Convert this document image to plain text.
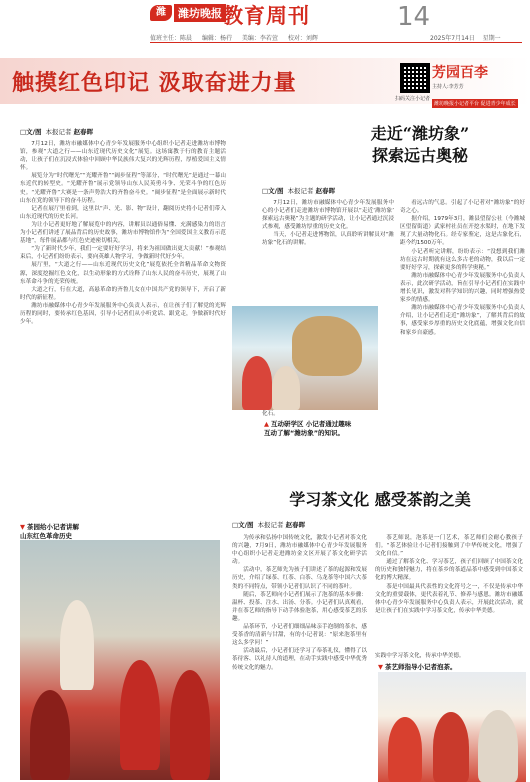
潍	潍坊晚报 教育周刊	14
值班主任：陈晨 编辑：杨荇 美编：李若萱 校对：刘辉	2025年7月14日 星期一
触摸红色印记 汲取奋进力量
扫码关注小记者
芳园百李
主持人:李芳芳
潍坊晚报小记者平台 促进青少年成长
□文/图 本报记者 赵春晖

7月12日，潍坊市融媒体中心青少年发展服务中心组织小记者走进潍坊市博物馆，参观“大道之行——山东近现代历史文化”展览。这场寓教于行的教育主题活动，让孩子们在沉浸式体验中回顾中华民族伟大复兴的光辉历程，厚植爱国主义情怀。

展览分为“时代曙光”“光耀齐鲁”“阔步征程”等部分，“时代曙光”是通过一幕山东近代的转型史。“光耀齐鲁”展示党领导山东人民英勇斗争、光荣斗争的红色历史。“光耀齐鲁”大赛是一条声势浩大的齐鲁奋斗史。“阔步征程”是全面展示新时代山东在党的领导下的奋斗历程。

记者在展厅里看到，这里以“声、光、影、物”设计，翻阅历史将小记者们带入山东近现代的历史长河。

为让小记者更好地了解展览中的内容，讲解员以通俗易懂、充满感染力的语言为小记者们讲述了展品背后的历史故事，潍坊市博物馆作为“全国爱国主义教育示范基地”，每件展品都与红色史迹密切相关。

“为了新时代少年，我们一定要好好学习，将来为祖国做出更大贡献！”参观结束后，小记者们纷纷表示，要向英雄人物学习，争做新时代好少年。

展厅里，“大道之行——山东近现代历史文化”展览依托全省精品革命文物资源，深度挖掘红色文化，以生动形象的方式诠释了山东人民的奋斗历史，展现了山东革命斗争的光荣传统。

大道之行，行在大道，高悬革命的齐鲁儿女在中国共产党的领导下，开启了新时代的新征程。

潍坊市融媒体中心青少年发展服务中心负责人表示，在让孩子们了解党的光辉历程的同时，要传承红色基因，引导小记者们从小听党话、跟党走，争做新时代好少年。

▼ 茶园给小记者讲解
山东红色革命历史
走近“潍坊象”
探索远古奥秘
□文/图 本报记者 赵春晖

7月12日，潍坊市融媒体中心青少年发展服务中心的小记者们走进潍坊市博物馆开展以“走近‘潍坊象’ 探索远古奥秘”为主题的研学活动，让小记者通过沉浸式参观，感受潍坊厚重的历史文化。

当天，小记者走进博物馆，认真聆听讲解员对“潍坊象”化石的讲解。

看远古的气息。引起了小记者对“潍坊象”的好奇之心。

据介绍，1979年3月，潍县望留公社（今潍城区望留街道）武家村社员在开挖水渠时，在地下发现了大量动物化石。经专家鉴定，这是古象化石，距今约1500万年。

小记者听完讲解，纷纷表示：“没想到我们潍坊在远古时期就有这么多古老的动物，我以后一定要好好学习，探索更多的科学奥秘。”

潍坊市融媒体中心青少年发展服务中心负责人表示，此次研学活动，旨在引导小记者们在实践中增长见识，激发对科学知识的兴趣，同时增强热爱家乡的情感。

潍坊市融媒体中心青少年发展服务中心负责人介绍，让小记者们走近“潍坊象”，了解其背后的故事，感受家乡厚重的历史文化底蕴，增强文化自信和家乡自豪感。

化石。
▲ 互动研学区 小记者通过趣味
互动了解“潍坊象”的知识。
学习茶文化 感受茶韵之美
□文/图 本报记者 赵春晖

为传承和弘扬中国传统文化，激发小记者对茶文化的兴趣，7月9日，潍坊市融媒体中心青少年发展服务中心组织小记者走进潍坊金文区开展了茶文化研学活动。

活动中，茶艺师先为孩子们讲述了茶的起源和发展历史，介绍了绿茶、红茶、白茶、乌龙茶等中国六大茶类的不同特点，带领小记者们认识了不同的茶叶。

随后，茶艺师向小记者们展示了泡茶的基本步骤：温杯、投茶、注水、出汤、分茶。小记者们认真观看，并在茶艺师的指导下动手体验泡茶，用心感受茶艺的乐趣。

品茶环节，小记者们细细品味亲手泡制的茶水，感受茶香的清新与甘甜，有的小记者说：“原来泡茶里有这么多学问！”

活动最后，小记者们还学习了奉茶礼仪，懂得了以茶待客、以礼待人的道理，在动手实践中感受中华优秀传统文化的魅力。

茶艺师说，泡茶是一门艺术，茶艺师们会耐心教孩子们。“茶艺体验让小记者们接触到了中华传统文化，增强了文化自信。”

通过了解茶文化、学习茶艺，孩子们回顾了中国茶文化的历史和独特魅力，将在茶乡的茶道品茶中感受到中国茶文化的博大精深。

茶是中国最具代表性的文化符号之一，不仅是传承中华文化的重要载体，更代表着礼节、修养与感恩。潍坊市融媒体中心青少年发展服务中心负责人表示，开展此次活动，就是让孩子们在实践中学习茶文化，传承中华美德。

实践中学习茶文化，传承中华美德。
▼ 茶艺师指导小记者泡茶。
